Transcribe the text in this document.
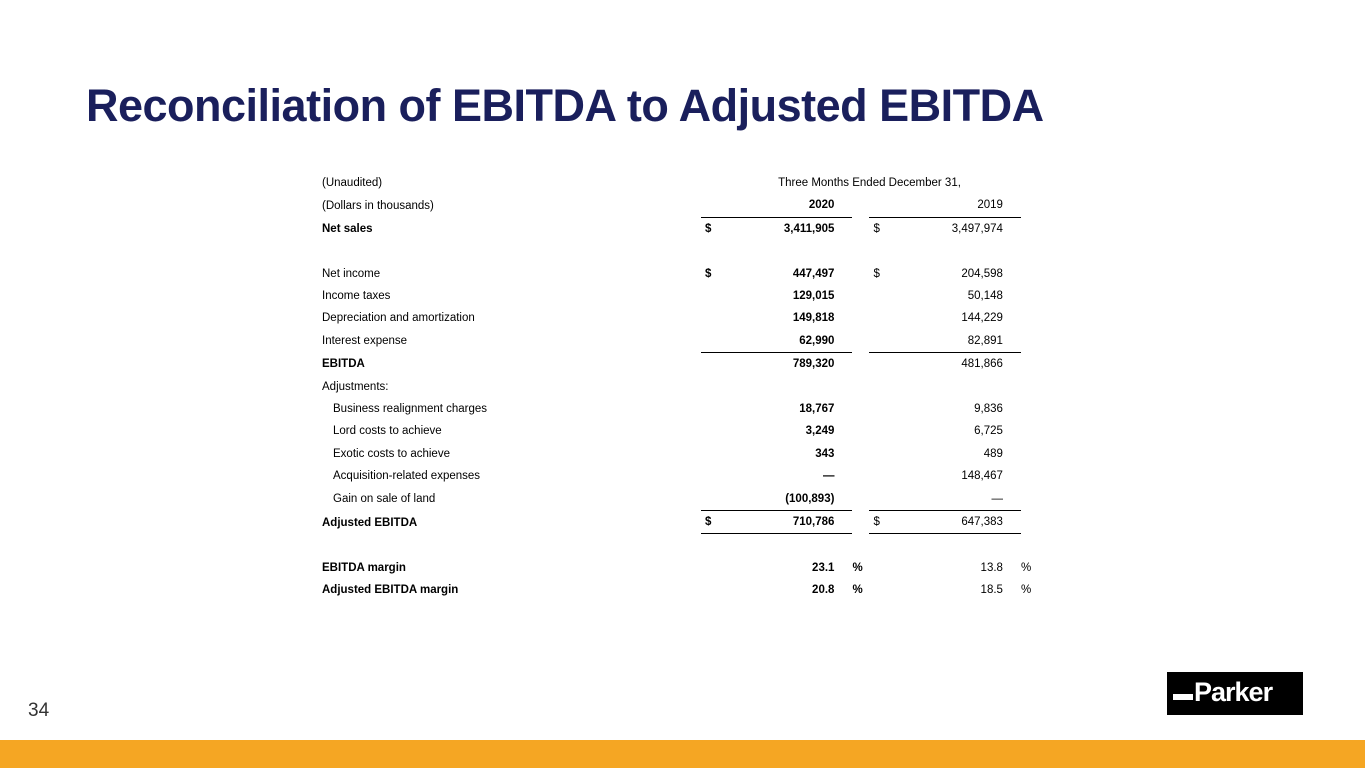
Reconciliation of EBITDA to Adjusted EBITDA
(Unaudited)	Three Months Ended December 31,					
(Dollars in thousands)		2020			2019	
Net sales	$	3,411,905		$	3,497,974	

Net income	$	447,497		$	204,598	
Income taxes		129,015			50,148	
Depreciation and amortization		149,818			144,229	
Interest expense		62,990			82,891	
EBITDA		789,320			481,866	
Adjustments:						
Business realignment charges		18,767			9,836	
Lord costs to achieve		3,249			6,725	
Exotic costs to achieve		343			489	
Acquisition-related expenses		—			148,467	
Gain on sale of land		(100,893)			—	
Adjusted EBITDA	$	710,786		$	647,383	

EBITDA margin		23.1	%		13.8	%
Adjusted EBITDA margin		20.8	%		18.5	%
34
Parker
